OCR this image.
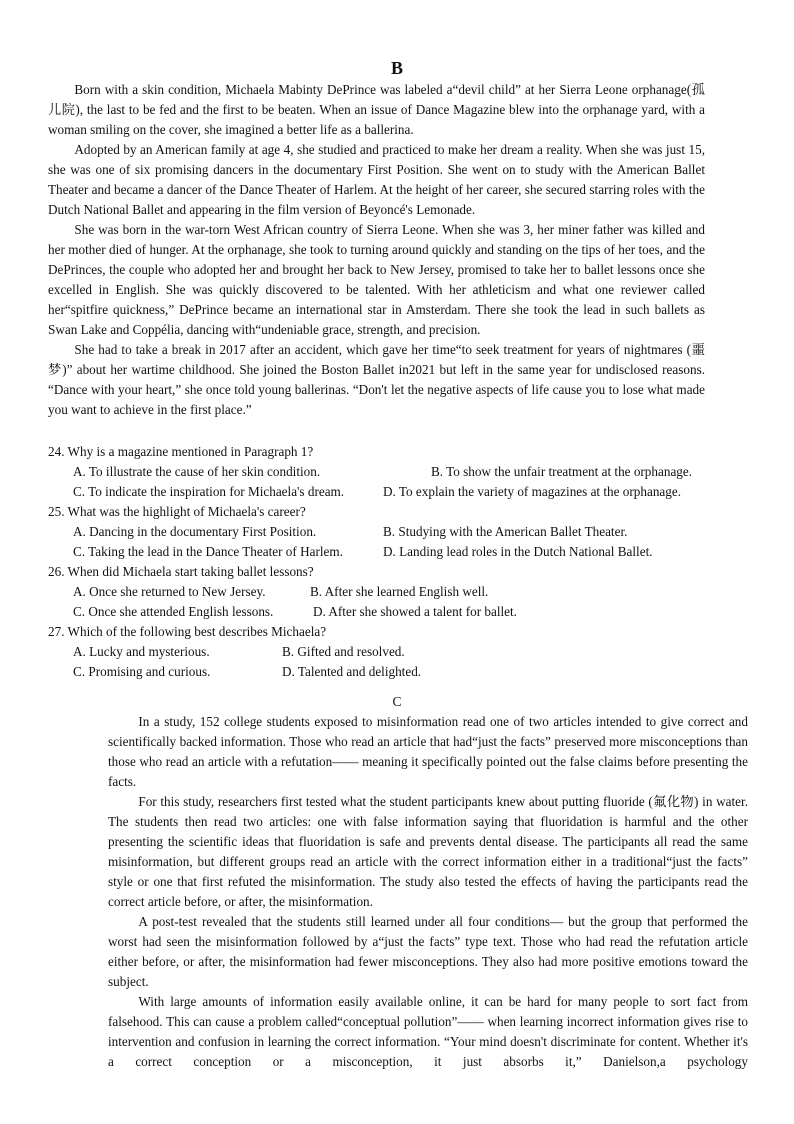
B

Born with a skin condition, Michaela Mabinty DePrince was labeled a“devil child” at her Sierra Leone orphanage(孤儿院), the last to be fed and the first to be beaten. When an issue of Dance Magazine blew into the orphanage yard, with a woman smiling on the cover, she imagined a better life as a ballerina.

Adopted by an American family at age 4, she studied and practiced to make her dream a reality. When she was just 15, she was one of six promising dancers in the documentary First Position. She went on to study with the American Ballet Theater and became a dancer of the Dance Theater of Harlem. At the height of her career, she secured starring roles with the Dutch National Ballet and appearing in the film version of Beyoncé's Lemonade.

She was born in the war-torn West African country of Sierra Leone. When she was 3, her miner father was killed and her mother died of hunger. At the orphanage, she took to turning around quickly and standing on the tips of her toes, and the DePrinces, the couple who adopted her and brought her back to New Jersey, promised to take her to ballet lessons once she excelled in English. She was quickly discovered to be talented. With her athleticism and what one reviewer called her“spitfire quickness,” DePrince became an international star in Amsterdam. There she took the lead in such ballets as Swan Lake and Coppélia, dancing with“undeniable grace, strength, and precision.

She had to take a break in 2017 after an accident, which gave her time“to seek treatment for years of nightmares (噩梦)” about her wartime childhood. She joined the Boston Ballet in2021 but left in the same year for undisclosed reasons. “Dance with your heart,” she once told young ballerinas. “Don't let the negative aspects of life cause you to lose what made you want to achieve in the first place.”

24. Why is a magazine mentioned in Paragraph 1?
A. To illustrate the cause of her skin condition.	B. To show the unfair treatment at the orphanage.
C. To indicate the inspiration for Michaela's dream.	D. To explain the variety of magazines at the orphanage.
25. What was the highlight of Michaela's career?
A. Dancing in the documentary First Position.	B. Studying with the American Ballet Theater.
C. Taking the lead in the Dance Theater of Harlem.	D. Landing lead roles in the Dutch National Ballet.
26. When did Michaela start taking ballet lessons?
A. Once she returned to New Jersey.	B. After she learned English well.
C. Once she attended English lessons.	D. After she showed a talent for ballet.
27. Which of the following best describes Michaela?
A. Lucky and mysterious.	B. Gifted and resolved.
C. Promising and curious.	D. Talented and delighted.
C

In a study, 152 college students exposed to misinformation read one of two articles intended to give correct and scientifically backed information. Those who read an article that had“just the facts” preserved more misconceptions than those who read an article with a refutation—— meaning it specifically pointed out the false claims before presenting the facts.

For this study, researchers first tested what the student participants knew about putting fluoride (氟化物) in water. The students then read two articles: one with false information saying that fluoridation is harmful and the other presenting the scientific ideas that fluoridation is safe and prevents dental disease. The participants all read the same misinformation, but different groups read an article with the correct information either in a traditional“just the facts” style or one that first refuted the misinformation. The study also tested the effects of having the participants read the correct article before, or after, the misinformation.

A post-test revealed that the students still learned under all four conditions— but the group that performed the worst had seen the misinformation followed by a“just the facts” type text. Those who had read the refutation article either before, or after, the misinformation had fewer misconceptions. They also had more positive emotions toward the subject.

With large amounts of information easily available online, it can be hard for many people to sort fact from falsehood. This can cause a problem called“conceptual pollution”—— when learning incorrect information gives rise to intervention and confusion in learning the correct information. “Your mind doesn't discriminate for content. Whether it's a correct conception or a misconception, it just absorbs it,” Danielson,a psychology
